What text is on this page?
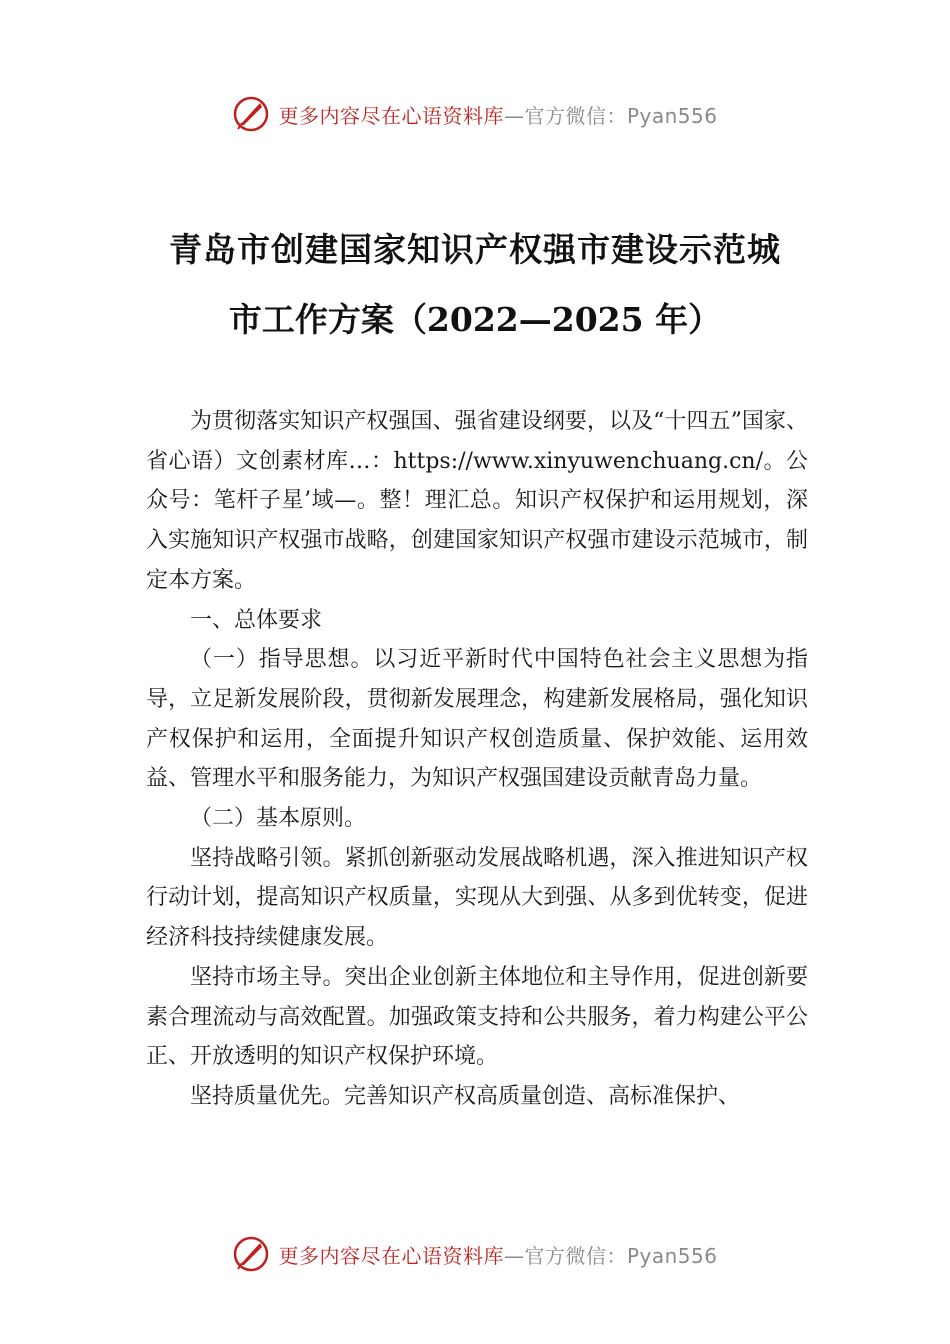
更多内容尽在心语资料库—官方微信：Pyan556
青岛市创建国家知识产权强市建设示范城
市工作方案（2022—2025 年）

为贯彻落实知识产权强国、强省建设纲要，以及“十四五”国家、省心语）文创素材库…：https://www.xinyuwenchuang.cn/。公众号：笔杆子星’域—。整！理汇总。知识产权保护和运用规划，深入实施知识产权强市战略，创建国家知识产权强市建设示范城市，制定本方案。

一、总体要求

（一）指导思想。以习近平新时代中国特色社会主义思想为指导，立足新发展阶段，贯彻新发展理念，构建新发展格局，强化知识产权保护和运用，全面提升知识产权创造质量、保护效能、运用效益、管理水平和服务能力，为知识产权强国建设贡献青岛力量。

（二）基本原则。

坚持战略引领。紧抓创新驱动发展战略机遇，深入推进知识产权行动计划，提高知识产权质量，实现从大到强、从多到优转变，促进经济科技持续健康发展。

坚持市场主导。突出企业创新主体地位和主导作用，促进创新要素合理流动与高效配置。加强政策支持和公共服务，着力构建公平公正、开放透明的知识产权保护环境。

坚持质量优先。完善知识产权高质量创造、高标准保护、

更多内容尽在心语资料库—官方微信：Pyan556
